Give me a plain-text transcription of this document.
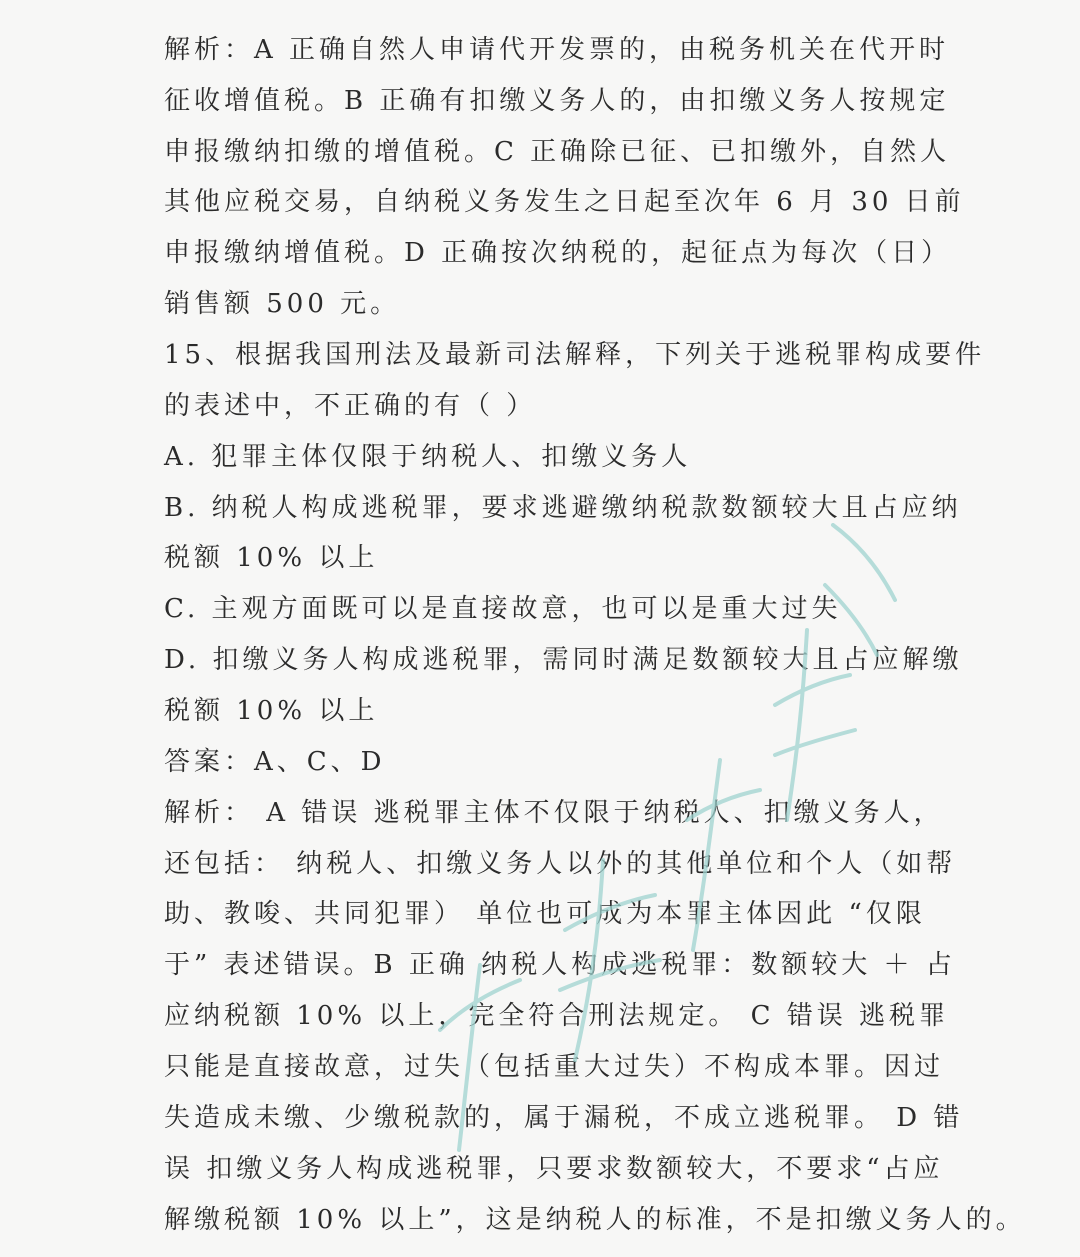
解析：A 正确自然人申请代开发票的，由税务机关在代开时
征收增值税。B 正确有扣缴义务人的，由扣缴义务人按规定
申报缴纳扣缴的增值税。C 正确除已征、已扣缴外，自然人
其他应税交易，自纳税义务发生之日起至次年 6 月 30 日前
申报缴纳增值税。D 正确按次纳税的，起征点为每次（日）
销售额 500 元。
15、根据我国刑法及最新司法解释，下列关于逃税罪构成要件
的表述中，不正确的有（ ）
A. 犯罪主体仅限于纳税人、扣缴义务人
B. 纳税人构成逃税罪，要求逃避缴纳税款数额较大且占应纳
税额 10% 以上
C. 主观方面既可以是直接故意，也可以是重大过失
D. 扣缴义务人构成逃税罪，需同时满足数额较大且占应解缴
税额 10% 以上
答案：A、C、D
解析： A 错误 逃税罪主体不仅限于纳税人、扣缴义务人，
还包括： 纳税人、扣缴义务人以外的其他单位和个人（如帮
助、教唆、共同犯罪） 单位也可成为本罪主体因此 “仅限
于” 表述错误。B 正确 纳税人构成逃税罪：数额较大 ＋ 占
应纳税额 10% 以上，完全符合刑法规定。 C 错误 逃税罪
只能是直接故意，过失（包括重大过失）不构成本罪。因过
失造成未缴、少缴税款的，属于漏税，不成立逃税罪。 D 错
误 扣缴义务人构成逃税罪，只要求数额较大，不要求“占应
解缴税额 10% 以上”，这是纳税人的标准，不是扣缴义务人的。
